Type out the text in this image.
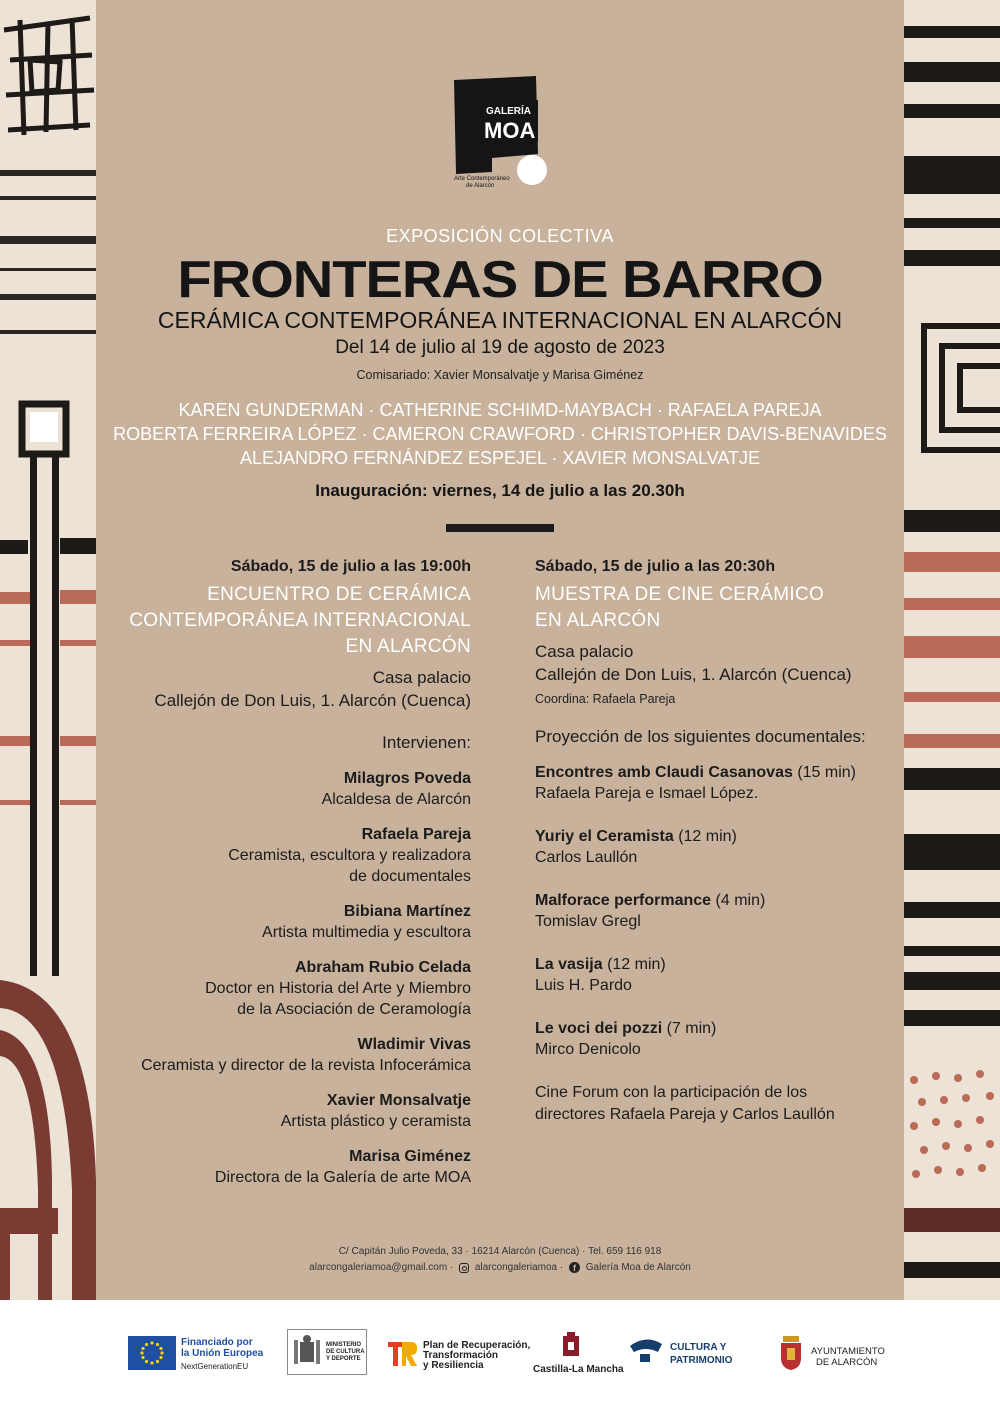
GALERÍA
MOA
Arte Contemporáneo
de Alarcón
EXPOSICIÓN COLECTIVA
FRONTERAS DE BARRO
CERÁMICA CONTEMPORÁNEA INTERNACIONAL EN ALARCÓN
Del 14 de julio al 19 de agosto de 2023
Comisariado: Xavier Monsalvatje y Marisa Giménez
KAREN GUNDERMAN · CATHERINE SCHIMD-MAYBACH · RAFAELA PAREJA
ROBERTA FERREIRA LÓPEZ · CAMERON CRAWFORD · CHRISTOPHER DAVIS-BENAVIDES
ALEJANDRO FERNÁNDEZ ESPEJEL · XAVIER MONSALVATJE
Inauguración: viernes, 14 de julio a las 20.30h
Sábado, 15 de julio a las 19:00h
ENCUENTRO DE CERÁMICA
CONTEMPORÁNEA INTERNACIONAL
EN ALARCÓN
Casa palacio
Callejón de Don Luis, 1. Alarcón (Cuenca)
Intervienen:
Milagros Poveda
Alcaldesa de Alarcón
Rafaela Pareja
Ceramista, escultora y realizadora
de documentales
Bibiana Martínez
Artista multimedia y escultora
Abraham Rubio Celada
Doctor en Historia del Arte y Miembro
de la Asociación de Ceramología
Wladimir Vivas
Ceramista y director de la revista Infocerámica
Xavier Monsalvatje
Artista plástico y ceramista
Marisa Giménez
Directora de la Galería de arte MOA
Sábado, 15 de julio a las 20:30h
MUESTRA DE CINE CERÁMICO
EN ALARCÓN
Casa palacio
Callejón de Don Luis, 1. Alarcón (Cuenca)
Coordina: Rafaela Pareja
Proyección de los siguientes documentales:
Encontres amb Claudi Casanovas (15 min)
Rafaela Pareja e Ismael López.
Yuriy el Ceramista (12 min)
Carlos Laullón
Malforace performance (4 min)
Tomislav Gregl
La vasija (12 min)
Luis H. Pardo
Le voci dei pozzi (7 min)
Mirco Denicolo
Cine Forum con la participación de los
directores Rafaela Pareja y Carlos Laullón
C/ Capitán Julio Poveda, 33 · 16214 Alarcón (Cuenca) · Tel. 659 116 918
alarcongaleriamoa@gmail.com · alarcongaleriamoa · f Galería Moa de Alarcón
Financiado por
la Unión Europea
NextGenerationEU
MINISTERIO
DE CULTURA
Y DEPORTE
Plan de Recuperación,
Transformación
y Resiliencia	Castilla-La Mancha
CULTURA Y
PATRIMONIO
AYUNTAMIENTO
DE ALARCÓN
